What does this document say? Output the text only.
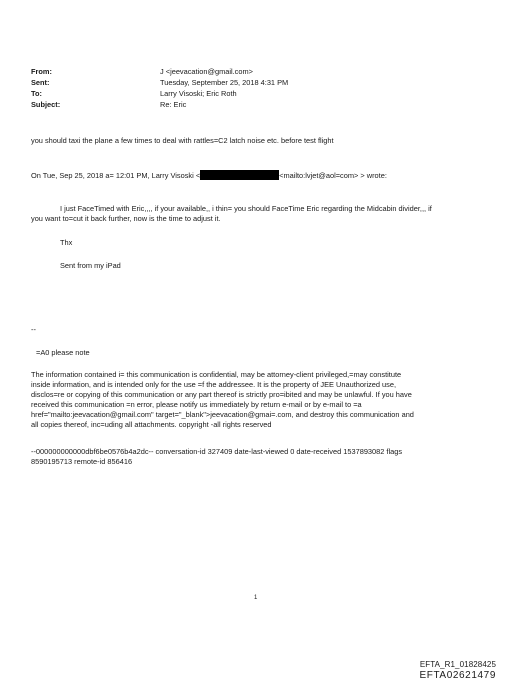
From:	J <jeevacation@gmail.com>
Sent:	Tuesday, September 25, 2018 4:31 PM
To:	Larry Visoski; Eric Roth
Subject:	Re: Eric
you should taxi the plane a few times to deal with rattles=C2 latch noise etc. before test flight
On Tue, Sep 25, 2018 a= 12:01 PM, Larry Visoski <	<mailto:lvjet@aol=com> > wrote:
I just FaceTimed with Eric,,,, if your available,, i thin= you should FaceTime Eric regarding the Midcabin divider,,, if
you want to=cut it back further, now is the time to adjust it.
Thx
Sent from my iPad
--
=A0 please note
The information contained i= this communication is confidential, may be attorney-client privileged,=may constitute
inside information, and is intended only for the use =f the addressee. It is the property of JEE Unauthorized use,
disclos=re or copying of this communication or any part thereof is strictly pro=ibited and may be unlawful. If you have
received this communication =n error, please notify us immediately by return e-mail or by e-mail to =a
href="mailto:jeevacation@gmail.com" target="_blank">jeevacation@gmai=.com, and destroy this communication and
all copies thereof, inc=uding all attachments. copyright -all rights reserved
--000000000000dbf6be0576b4a2dc-- conversation-id 327409 date-last-viewed 0 date-received 1537893082 flags
8590195713 remote-id 856416
1
EFTA_R1_01828425
EFTA02621479
